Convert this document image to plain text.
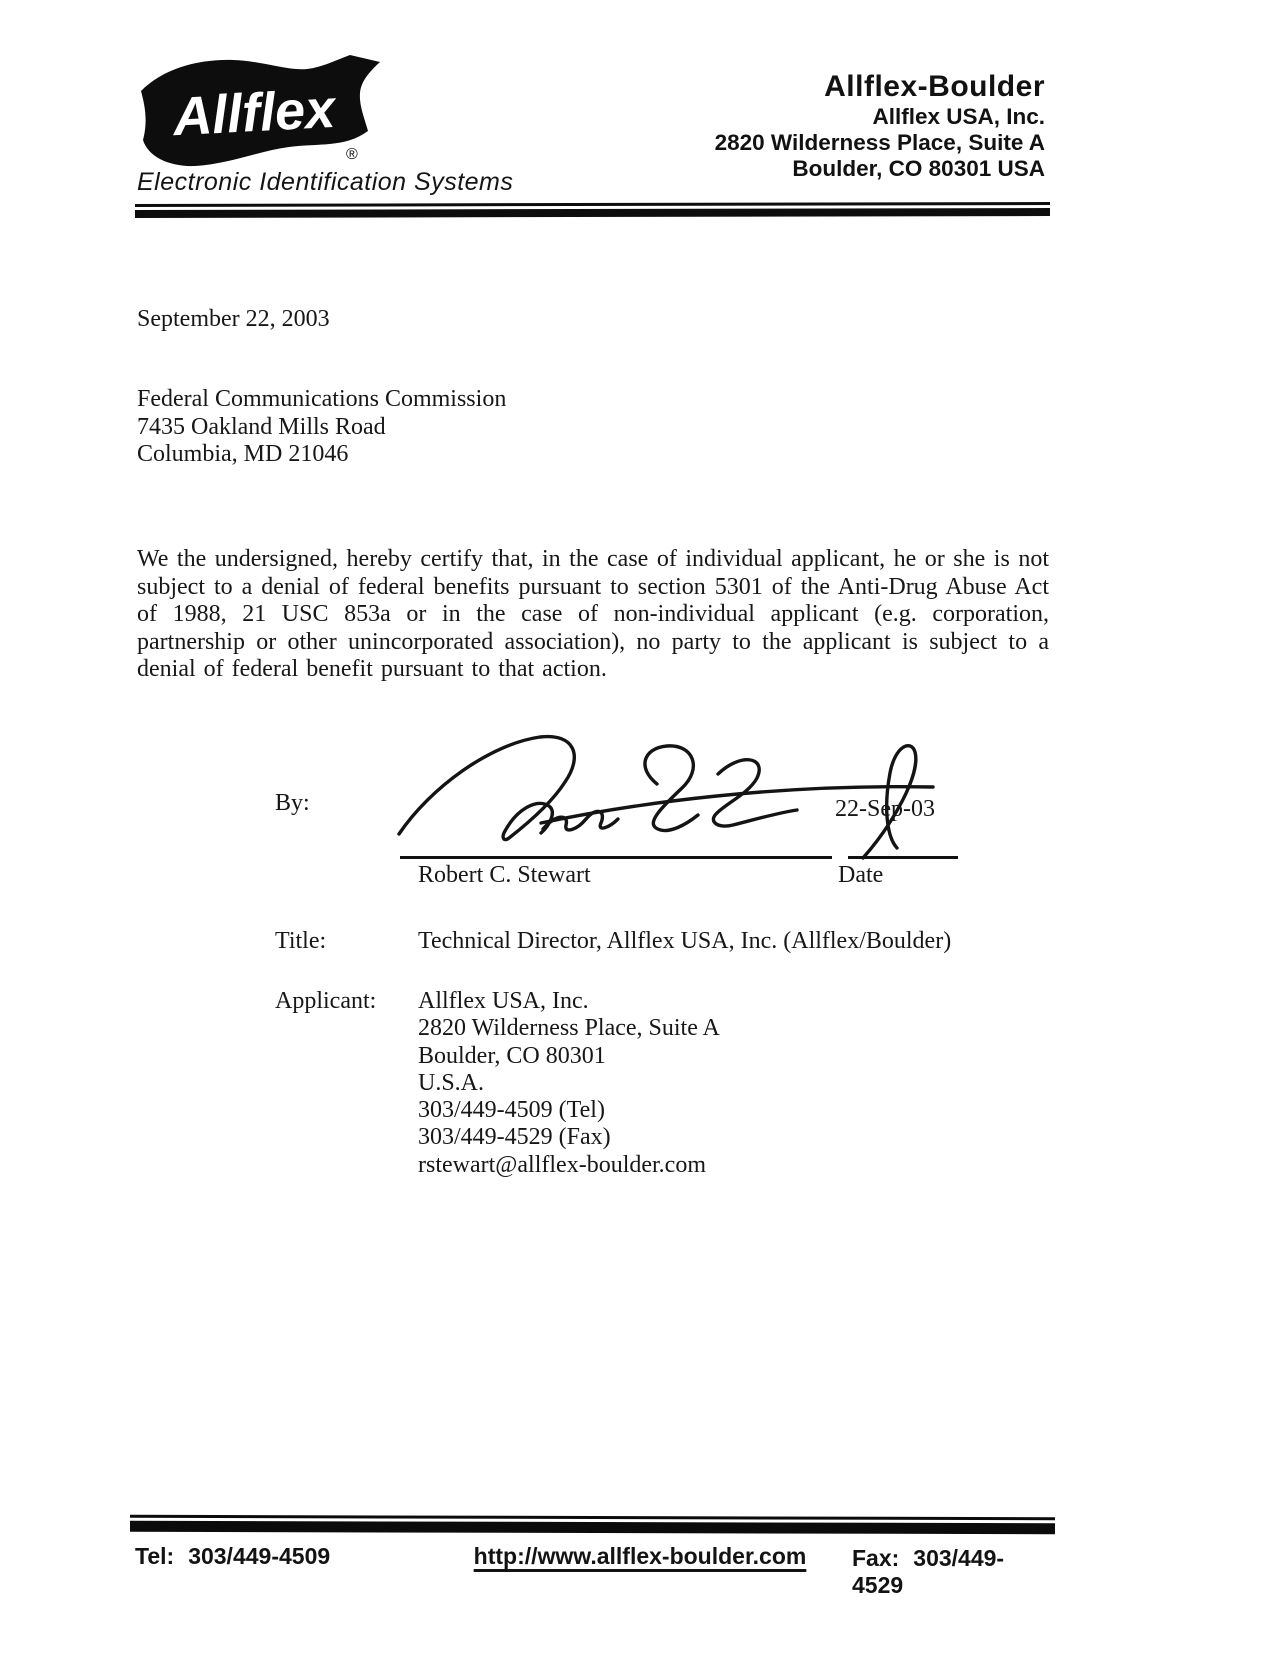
Allflex
®
Electronic Identification Systems
Allflex-Boulder
Allflex USA, Inc.
2820 Wilderness Place, Suite A
Boulder, CO 80301 USA
September 22, 2003
Federal Communications Commission
7435 Oakland Mills Road
Columbia, MD 21046
We the undersigned, hereby certify that, in the case of individual applicant, he or she is not subject to a denial of federal benefits pursuant to section 5301 of the Anti-Drug Abuse Act of 1988, 21 USC 853a or in the case of non-individual applicant (e.g. corporation, partnership or other unincorporated association), no party to the applicant is subject to a denial of federal benefit pursuant to that action.
By:	22-Sep-03
Robert C. Stewart	Date
Title:	Technical Director, Allflex USA, Inc. (Allflex/Boulder)
Applicant: Allflex USA, Inc.
2820 Wilderness Place, Suite A
Boulder, CO 80301
U.S.A.
303/449-4509 (Tel)
303/449-4529 (Fax)
rstewart@allflex-boulder.com
Tel: 303/449-4509	http://www.allflex-boulder.com	Fax: 303/449-4529
